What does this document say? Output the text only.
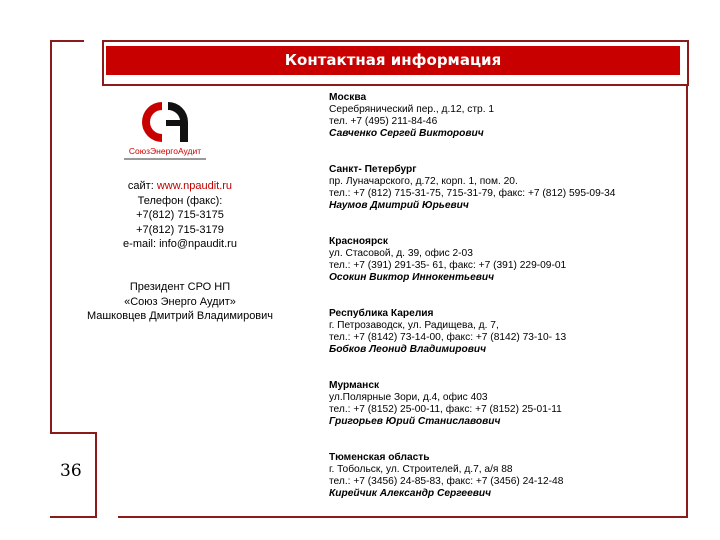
Контактная информация
СоюзЭнергоАудит
сайт: www.npaudit.ru
Телефон (факс):
+7(812) 715-3175
+7(812) 715-3179
e-mail: info@npaudit.ru
Президент СРО НП
«Союз Энерго Аудит»
Машковцев Дмитрий Владимирович
Москва
Серебрянический пер., д.12, стр. 1
тел. +7 (495) 211-84-46
Савченко Сергей Викторович
Санкт- Петербург
пр. Луначарского, д.72, корп. 1, пом. 20.
тел.: +7 (812) 715-31-75, 715-31-79, факс: +7 (812) 595-09-34
Наумов Дмитрий Юрьевич
Красноярск
ул. Стасовой, д. 39, офис 2-03
тел.: +7 (391) 291-35- 61, факс: +7 (391) 229-09-01
Осокин Виктор Иннокентьевич
Республика Карелия
г. Петрозаводск, ул. Радищева, д. 7,
тел.: +7 (8142) 73-14-00, факс: +7 (8142) 73-10- 13
Бобков Леонид Владимирович
Мурманск
ул.Полярные Зори, д.4, офис 403
тел.: +7 (8152) 25-00-11, факс: +7 (8152) 25-01-11
Григорьев Юрий Станиславович
Тюменская область
г. Тобольск, ул. Строителей, д.7, а/я 88
тел.: +7 (3456) 24-85-83, факс: +7 (3456) 24-12-48
Кирейчик Александр Сергеевич
36
